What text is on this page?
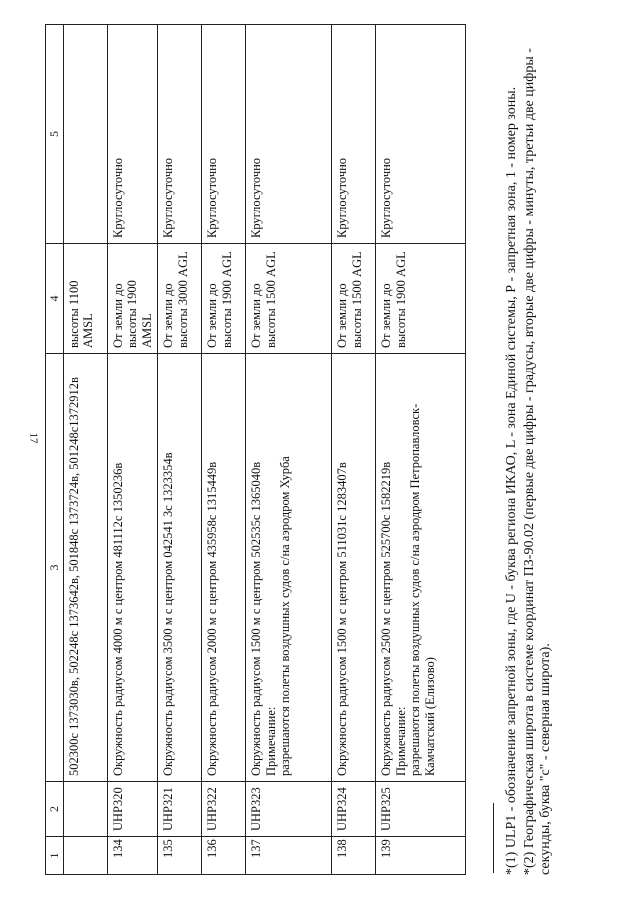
17
1	2	3	4	5
		502300с 1373030в, 502248с 1373642в, 501848с 1373724в, 501248с1372912в	высоты 1100 AMSL	
134	UHP320	Окружность радиусом 4000 м с центром 481112с 1350236в	От земли до высоты 1900 AMSL	Круглосуточно
135	UHP321	Окружность радиусом 3500 м с центром 042541 3с 1323354в	От земли до высоты 3000 AGL	Круглосуточно
136	UHP322	Окружность радиусом 2000 м с центром 435958с 1315449в	От земли до высоты 1900 AGL	Круглосуточно
137	UHP323	Окружность радиусом 1500 м с центром 502535с 1365040в
Примечание:
разрешаются полеты воздушных судов с/на аэродром Хурба	От земли до высоты 1500 AGL	Круглосуточно
138	UHP324	Окружность радиусом 1500 м с центром 511031с 1283407в	От земли до высоты 1500 AGL	Круглосуточно
139	UHP325	Окружность радиусом 2500 м с центром 525700с 1582219в
Примечание:
разрешаются полеты воздушных судов с/на аэродром Петропавловск-Камчатский (Елизово)	От земли до высоты 1900 AGL	Круглосуточно	*(1) ULP1 - обозначение запретной зоны, где U - буква региона ИКАО, L - зона Единой системы, Р - запретная зона, 1 - номер зоны. *(2) Географическая широта в системе координат ПЗ-90.02 (первые две цифры - градусы, вторые две цифры - минуты, третьи две цифры - секунды, буква "с" - северная широта).
